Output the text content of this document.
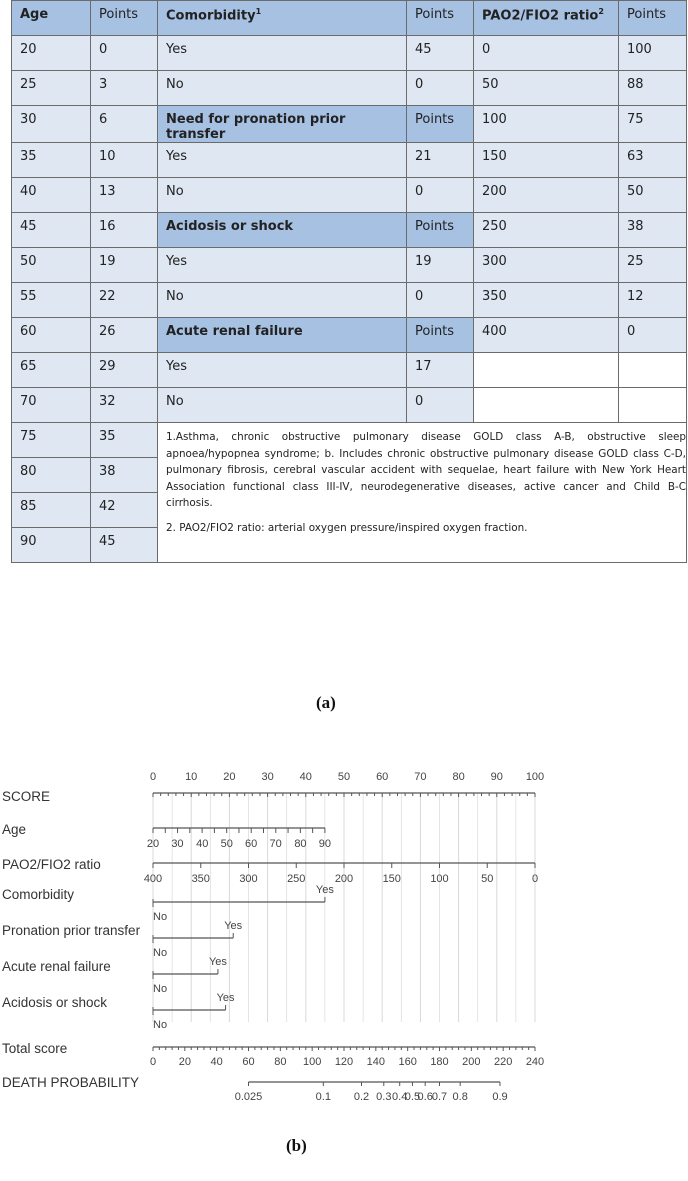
Age	Points	Comorbidity$^1$	Points	PAO2/FIO2 ratio$^2$	Points
20	0	Yes	45	0	100
25	3	No	0	50	88
30	6	Need for pronation prior transfer	Points	100	75
35	10	Yes	21	150	63
40	13	No	0	200	50
45	16	Acidosis or shock	Points	250	38
50	19	Yes	19	300	25
55	22	No	0	350	12
60	26	Acute renal failure	Points	400	0
65	29	Yes	17		
70	32	No	0		
75	35	1.Asthma, chronic obstructive pulmonary disease GOLD class A-B, obstructive sleep apnoea/hypopnea syndrome; b. Includes chronic obstructive pulmonary disease GOLD class C-D, pulmonary fibrosis, cerebral vascular accident with sequelae, heart failure with New York Heart Association functional class III-IV, neurodegenerative diseases, active cancer and Child B-C cirrhosis.

2. PAO2/FIO2 ratio: arterial oxygen pressure/inspired oxygen fraction.			

80	38				
85	42				
90	45				
(a)
SCORE
0	10 20 30 40 50 60 70 80 90 100
Age
20 30 40 50 60 70 80 90
PAO2/FIO2 ratio
400	350	300	250	200	150	100	50	0
Comorbidity
No
Yes
Pronation prior transfer
No
Yes
Acute renal failure
No
Yes
Acidosis or shock
No
Yes
Total score
0 20 40 60 80 100 120 140 160 180 200 220 240
DEATH PROBABILITY
0.025	0.1 0.2 0.3 0.4
0.5
0.6 0.7 0.8 0.9
(b)
